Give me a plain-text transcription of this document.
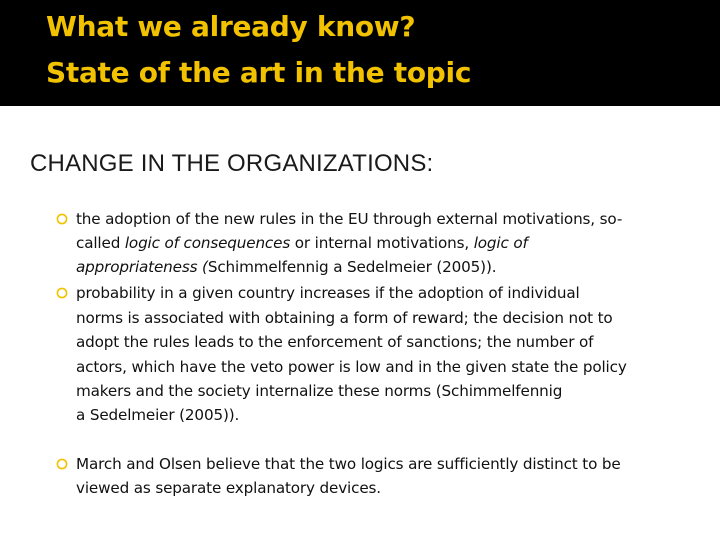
What we already know?
State of the art in the topic
CHANGE IN THE ORGANIZATIONS:
the adoption of the new rules in the EU through external motivations, so-
called logic of consequences or internal motivations, logic of
appropriateness (Schimmelfennig a Sedelmeier (2005)).
probability in a given country increases if the adoption of individual
norms is associated with obtaining a form of reward; the decision not to
adopt the rules leads to the enforcement of sanctions; the number of
actors, which have the veto power is low and in the given state the policy
makers and the society internalize these norms (Schimmelfennig
a Sedelmeier (2005)).
March and Olsen believe that the two logics are sufficiently distinct to be
viewed as separate explanatory devices.
